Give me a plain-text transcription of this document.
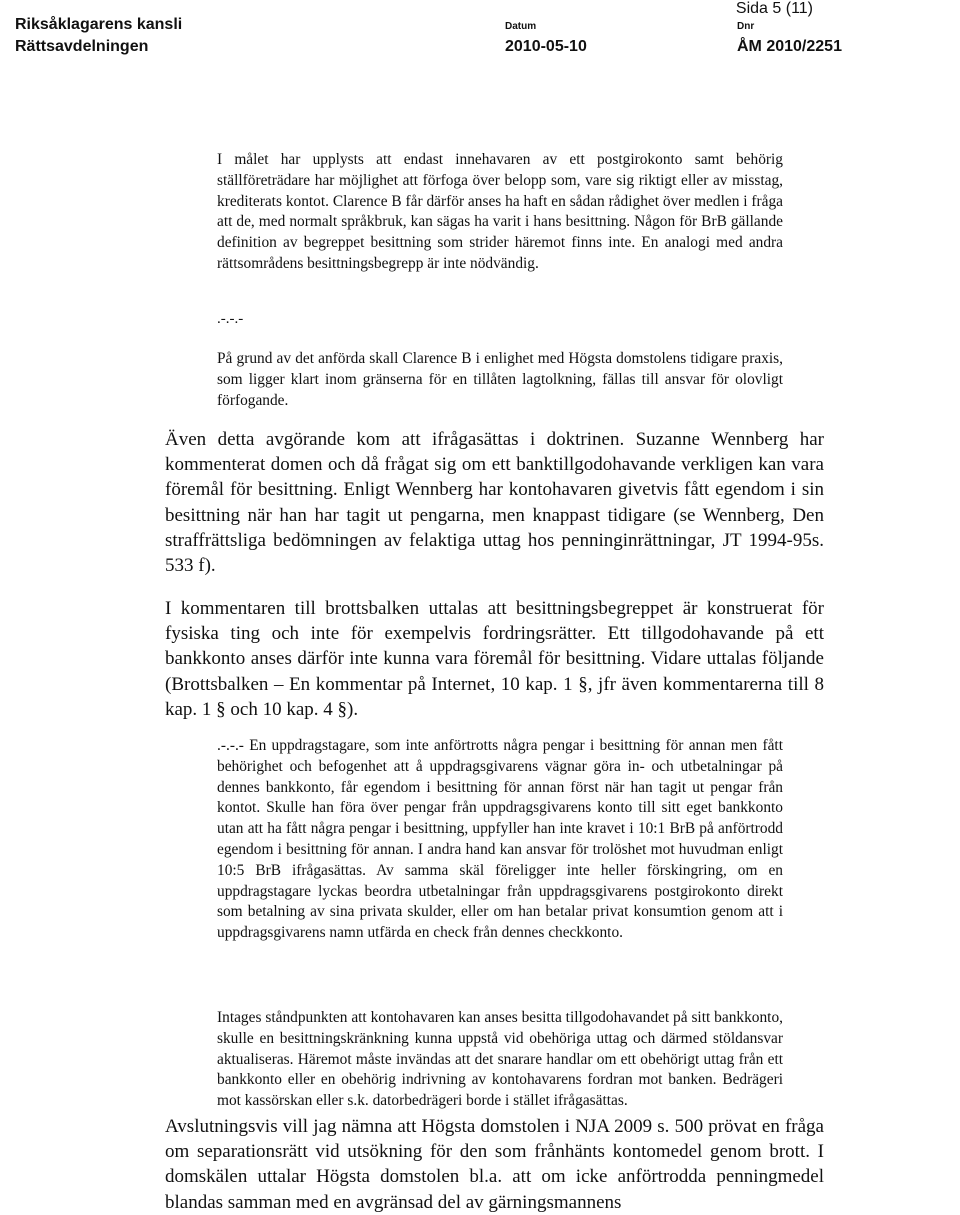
Riksåklagarens kansli
Rättsavdelningen
Sida 5 (11)
Datum
2010-05-10
Dnr
ÅM 2010/2251

I målet har upplysts att endast innehavaren av ett postgirokonto samt behörig ställföreträdare har möjlighet att förfoga över belopp som, vare sig riktigt eller av misstag, krediterats kontot. Clarence B får därför anses ha haft en sådan rådighet över medlen i fråga att de, med normalt språkbruk, kan sägas ha varit i hans besittning. Någon för BrB gällande definition av begreppet besittning som strider häremot finns inte. En analogi med andra rättsområdens besittningsbegrepp är inte nödvändig.

.-.-.-

På grund av det anförda skall Clarence B i enlighet med Högsta domstolens tidigare praxis, som ligger klart inom gränserna för en tillåten lagtolkning, fällas till ansvar för olovligt förfogande.

Även detta avgörande kom att ifrågasättas i doktrinen. Suzanne Wennberg har kommenterat domen och då frågat sig om ett banktillgodohavande verkligen kan vara föremål för besittning. Enligt Wennberg har kontohavaren givetvis fått egendom i sin besittning när han har tagit ut pengarna, men knappast tidigare (se Wennberg, Den straffrättsliga bedömningen av felaktiga uttag hos penninginrättningar, JT 1994-95s. 533 f).

I kommentaren till brottsbalken uttalas att besittningsbegreppet är konstruerat för fysiska ting och inte för exempelvis fordringsrätter. Ett tillgodohavande på ett bankkonto anses därför inte kunna vara föremål för besittning. Vidare uttalas följande (Brottsbalken – En kommentar på Internet, 10 kap. 1 §, jfr även kommentarerna till 8 kap. 1 § och 10 kap. 4 §).

.-.-.- En uppdragstagare, som inte anförtrotts några pengar i besittning för annan men fått behörighet och befogenhet att å uppdragsgivarens vägnar göra in- och utbetalningar på dennes bankkonto, får egendom i besittning för annan först när han tagit ut pengar från kontot. Skulle han föra över pengar från uppdragsgivarens konto till sitt eget bankkonto utan att ha fått några pengar i besittning, uppfyller han inte kravet i 10:1 BrB på anförtrodd egendom i besittning för annan. I andra hand kan ansvar för trolöshet mot huvudman enligt 10:5 BrB ifrågasättas. Av samma skäl föreligger inte heller förskingring, om en uppdragstagare lyckas beordra utbetalningar från uppdragsgivarens postgirokonto direkt som betalning av sina privata skulder, eller om han betalar privat konsumtion genom att i uppdragsgivarens namn utfärda en check från dennes checkkonto.

Intages ståndpunkten att kontohavaren kan anses besitta tillgodohavandet på sitt bankkonto, skulle en besittningskränkning kunna uppstå vid obehöriga uttag och därmed stöldansvar aktualiseras. Häremot måste invändas att det snarare handlar om ett obehörigt uttag från ett bankkonto eller en obehörig indrivning av kontohavarens fordran mot banken. Bedrägeri mot kassörskan eller s.k. datorbedrägeri borde i stället ifrågasättas.

Avslutningsvis vill jag nämna att Högsta domstolen i NJA 2009 s. 500 prövat en fråga om separationsrätt vid utsökning för den som frånhänts kontomedel genom brott. I domskälen uttalar Högsta domstolen bl.a. att om icke anförtrodda penningmedel blandas samman med en avgränsad del av gärningsmannens
